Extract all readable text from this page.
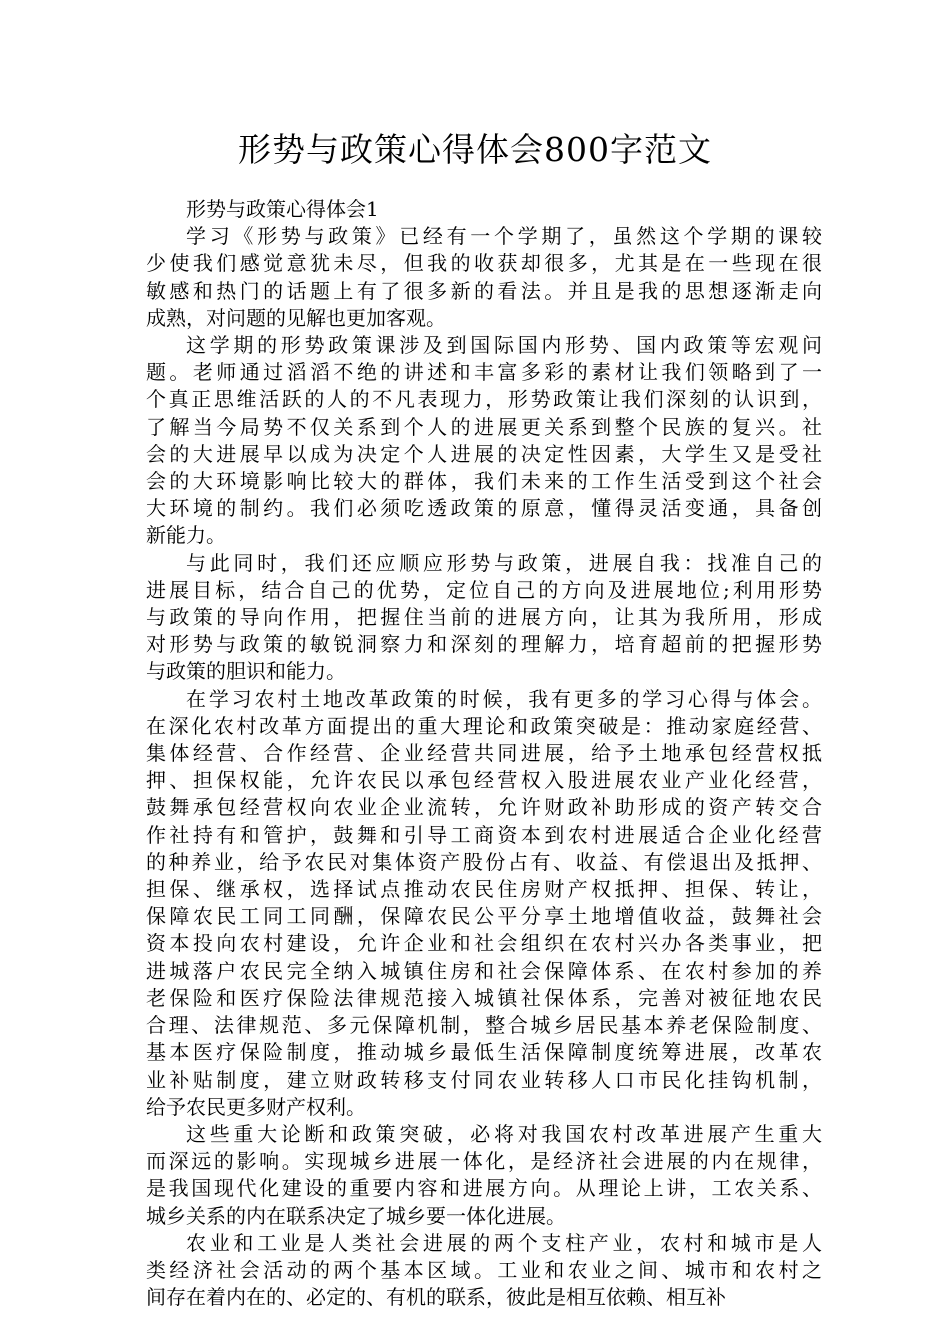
形势与政策心得体会800字范文
形势与政策心得体会1
学习《形势与政策》已经有一个学期了，虽然这个学期的课较
少使我们感觉意犹未尽，但我的收获却很多，尤其是在一些现在很
敏感和热门的话题上有了很多新的看法。并且是我的思想逐渐走向
成熟，对问题的见解也更加客观。
这学期的形势政策课涉及到国际国内形势、国内政策等宏观问
题。老师通过滔滔不绝的讲述和丰富多彩的素材让我们领略到了一
个真正思维活跃的人的不凡表现力，形势政策让我们深刻的认识到，
了解当今局势不仅关系到个人的进展更关系到整个民族的复兴。社
会的大进展早以成为决定个人进展的决定性因素，大学生又是受社
会的大环境影响比较大的群体，我们未来的工作生活受到这个社会
大环境的制约。我们必须吃透政策的原意，懂得灵活变通，具备创
新能力。
与此同时，我们还应顺应形势与政策，进展自我：找准自己的
进展目标，结合自己的优势，定位自己的方向及进展地位;利用形势
与政策的导向作用，把握住当前的进展方向，让其为我所用，形成
对形势与政策的敏锐洞察力和深刻的理解力，培育超前的把握形势
与政策的胆识和能力。
在学习农村土地改革政策的时候，我有更多的学习心得与体会。
在深化农村改革方面提出的重大理论和政策突破是：推动家庭经营、
集体经营、合作经营、企业经营共同进展，给予土地承包经营权抵
押、担保权能，允许农民以承包经营权入股进展农业产业化经营，
鼓舞承包经营权向农业企业流转，允许财政补助形成的资产转交合
作社持有和管护，鼓舞和引导工商资本到农村进展适合企业化经营
的种养业，给予农民对集体资产股份占有、收益、有偿退出及抵押、
担保、继承权，选择试点推动农民住房财产权抵押、担保、转让，
保障农民工同工同酬，保障农民公平分享土地增值收益，鼓舞社会
资本投向农村建设，允许企业和社会组织在农村兴办各类事业，把
进城落户农民完全纳入城镇住房和社会保障体系、在农村参加的养
老保险和医疗保险法律规范接入城镇社保体系，完善对被征地农民
合理、法律规范、多元保障机制，整合城乡居民基本养老保险制度、
基本医疗保险制度，推动城乡最低生活保障制度统筹进展，改革农
业补贴制度，建立财政转移支付同农业转移人口市民化挂钩机制，
给予农民更多财产权利。
这些重大论断和政策突破，必将对我国农村改革进展产生重大
而深远的影响。实现城乡进展一体化，是经济社会进展的内在规律，
是我国现代化建设的重要内容和进展方向。从理论上讲，工农关系、
城乡关系的内在联系决定了城乡要一体化进展。
农业和工业是人类社会进展的两个支柱产业，农村和城市是人
类经济社会活动的两个基本区域。工业和农业之间、城市和农村之
间存在着内在的、必定的、有机的联系，彼此是相互依赖、相互补
